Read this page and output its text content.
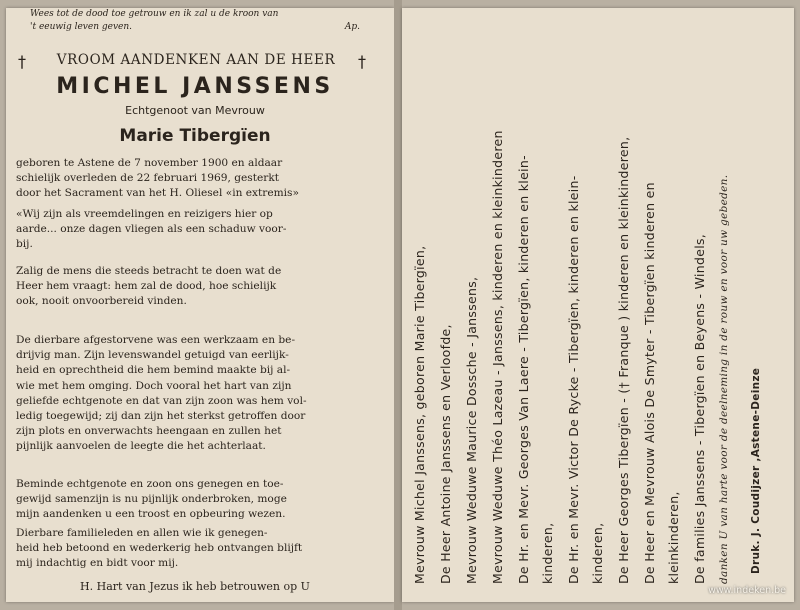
Wees tot de dood toe getrouw en ik zal u de kroon van
't eeuwig leven geven.	Ap.
†	†
VROOM AANDENKEN AAN DE HEER
MICHEL JANSSENS
Echtgenoot van Mevrouw
Marie Tibergïen
geboren te Astene de 7 november 1900 en aldaar
schielijk overleden de 22 februari 1969, gesterkt
door het Sacrament van het H. Oliesel «in extremis»
«Wij zijn als vreemdelingen en reizigers hier op
aarde... onze dagen vliegen als een schaduw voor-
bij.
Zalig de mens die steeds betracht te doen wat de
Heer hem vraagt: hem zal de dood, hoe schielijk
ook, nooit onvoorbereid vinden.
De dierbare afgestorvene was een werkzaam en be-
drijvig man. Zijn levenswandel getuigd van eerlijk-
heid en oprechtheid die hem bemind maakte bij al-
wie met hem omging. Doch vooral het hart van zijn
geliefde echtgenote en dat van zijn zoon was hem vol-
ledig toegewijd; zij dan zijn het sterkst getroffen door
zijn plots en onverwachts heengaan en zullen het
pijnlijk aanvoelen de leegte die het achterlaat.
Beminde echtgenote en zoon ons genegen en toe-
gewijd samenzijn is nu pijnlijk onderbroken, moge
mijn aandenken u een troost en opbeuring wezen.
Dierbare familieleden en allen wie ik genegen-
heid heb betoond en wederkerig heb ontvangen blijft
mij indachtig en bidt voor mij.
H. Hart van Jezus ik heb betrouwen op U
Mevrouw Michel Janssens, geboren Marie Tibergïen, De Heer Antoine Janssens en Verloofde, Mevrouw Weduwe Maurice Dossche - Janssens, Mevrouw Weduwe Théo Lazeau - Janssens, kinderen en kleinkinderen De Hr. en Mevr. Georges Van Laere - Tibergïen, kinderen en klein- kinderen, De Hr. en Mevr. Victor De Rycke - Tibergïen, kinderen en klein- kinderen, De Heer Georges Tibergïen - († Franque ) kinderen en kleinkinderen, De Heer en Mevrouw Alois De Smyter - Tibergïen kinderen en kleinkinderen, De families Janssens - Tibergïen en Beyens - Windels, danken U van harte voor de deelneming in de rouw en voor uw gebeden. Druk. J. Coudijzer ,Astene-Deinze
www.indeken.be
